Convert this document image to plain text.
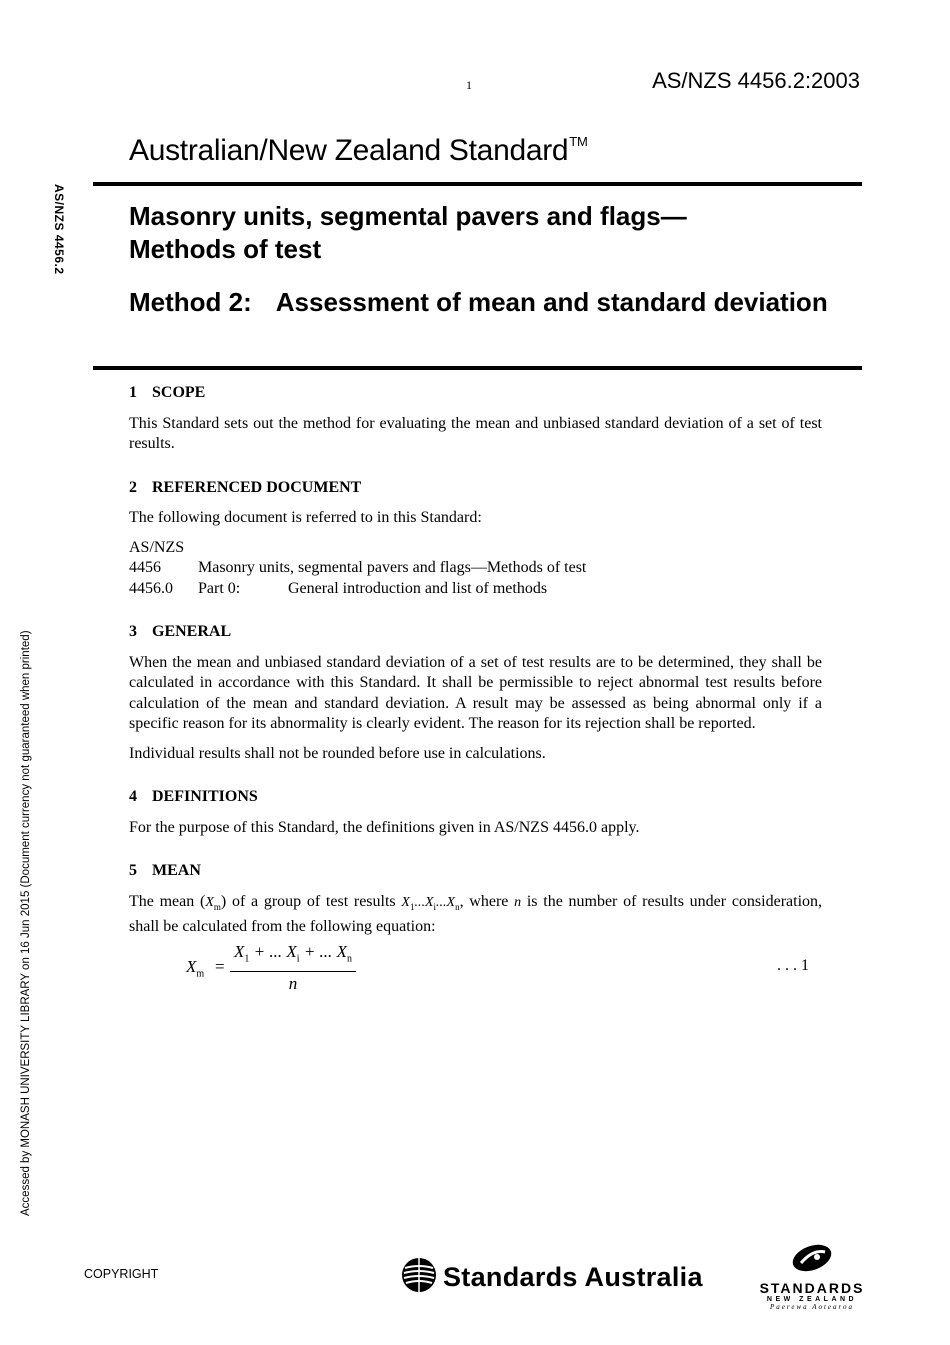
1	AS/NZS 4456.2:2003
Australian/New Zealand Standard™
Masonry units, segmental pavers and flags—
Methods of test
Method 2: Assessment of mean and standard deviation
AS/NZS 4456.2
Accessed by MONASH UNIVERSITY LIBRARY on 16 Jun 2015 (Document currency not guaranteed when printed)
1 SCOPE

This Standard sets out the method for evaluating the mean and unbiased standard deviation of a set of test results.

2 REFERENCED DOCUMENT

The following document is referred to in this Standard:

AS/NZS
4456	Masonry units, segmental pavers and flags—Methods of test
4456.0	Part 0:	General introduction and list of methods
3 GENERAL

When the mean and unbiased standard deviation of a set of test results are to be determined, they shall be calculated in accordance with this Standard. It shall be permissible to reject abnormal test results before calculation of the mean and standard deviation. A result may be assessed as being abnormal only if a specific reason for its abnormality is clearly evident. The reason for its rejection shall be reported.

Individual results shall not be rounded before use in calculations.

4 DEFINITIONS

For the purpose of this Standard, the definitions given in AS/NZS 4456.0 apply.

5 MEAN

The mean $(X_m)$ of a group of test results $X_1...X_i...X_n$, where n is the number of results under consideration, shall be calculated from the following equation:

$X_m = \frac{X_1 + ... X_i + ... X_n}{n}$	. . . 1
COPYRIGHT	Standards Australia	STANDARDS
NEW ZEALAND
Paerewa Aotearoa
